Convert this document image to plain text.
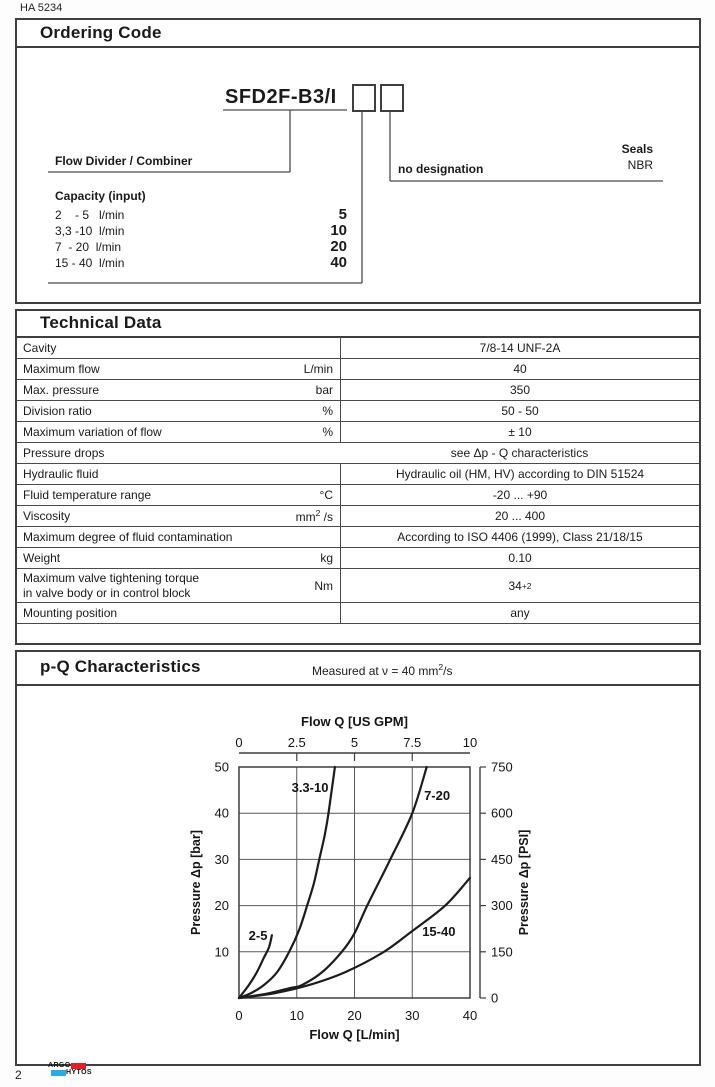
HA 5234
Ordering Code
SFD2F-B3/I
Flow Divider / Combiner
no designation
Seals
NBR
Capacity (input)
2    - 5   l/min	5
3,3 -10  l/min	10
7  - 20  l/min	20
15 - 40  l/min	40
Technical Data
Cavity	7/8-14 UNF-2A
Maximum flow	L/min	40
Max. pressure	bar	350
Division ratio	%	50 - 50
Maximum variation of flow	%	± 10
Pressure drops	see Δp - Q characteristics
Hydraulic fluid	Hydraulic oil (HM, HV) according to DIN 51524
Fluid temperature range	°C	-20 ... +90
Viscosity	$mm^2$ /s	20 ... 400
Maximum degree of fluid contamination	According to ISO 4406 (1999), Class 21/18/15
Weight	kg	0.10
Maximum valve tightening torque
in valve body or in control block	Nm	34 +2
Mounting position	any
p-Q Characteristics	Measured at ν = 40 $mm^2/s$
Flow Q [US GPM]
0	2.5	5	7.5	10
50
40
30
20
10
Pressure Δp [bar]
750
600
450
300
150
0
Pressure Δp [PSI]
0	10	20	30	40
Flow Q [L/min]
2-5
3.3-10
7-20
15-40
2
ARGO
HYTOS
